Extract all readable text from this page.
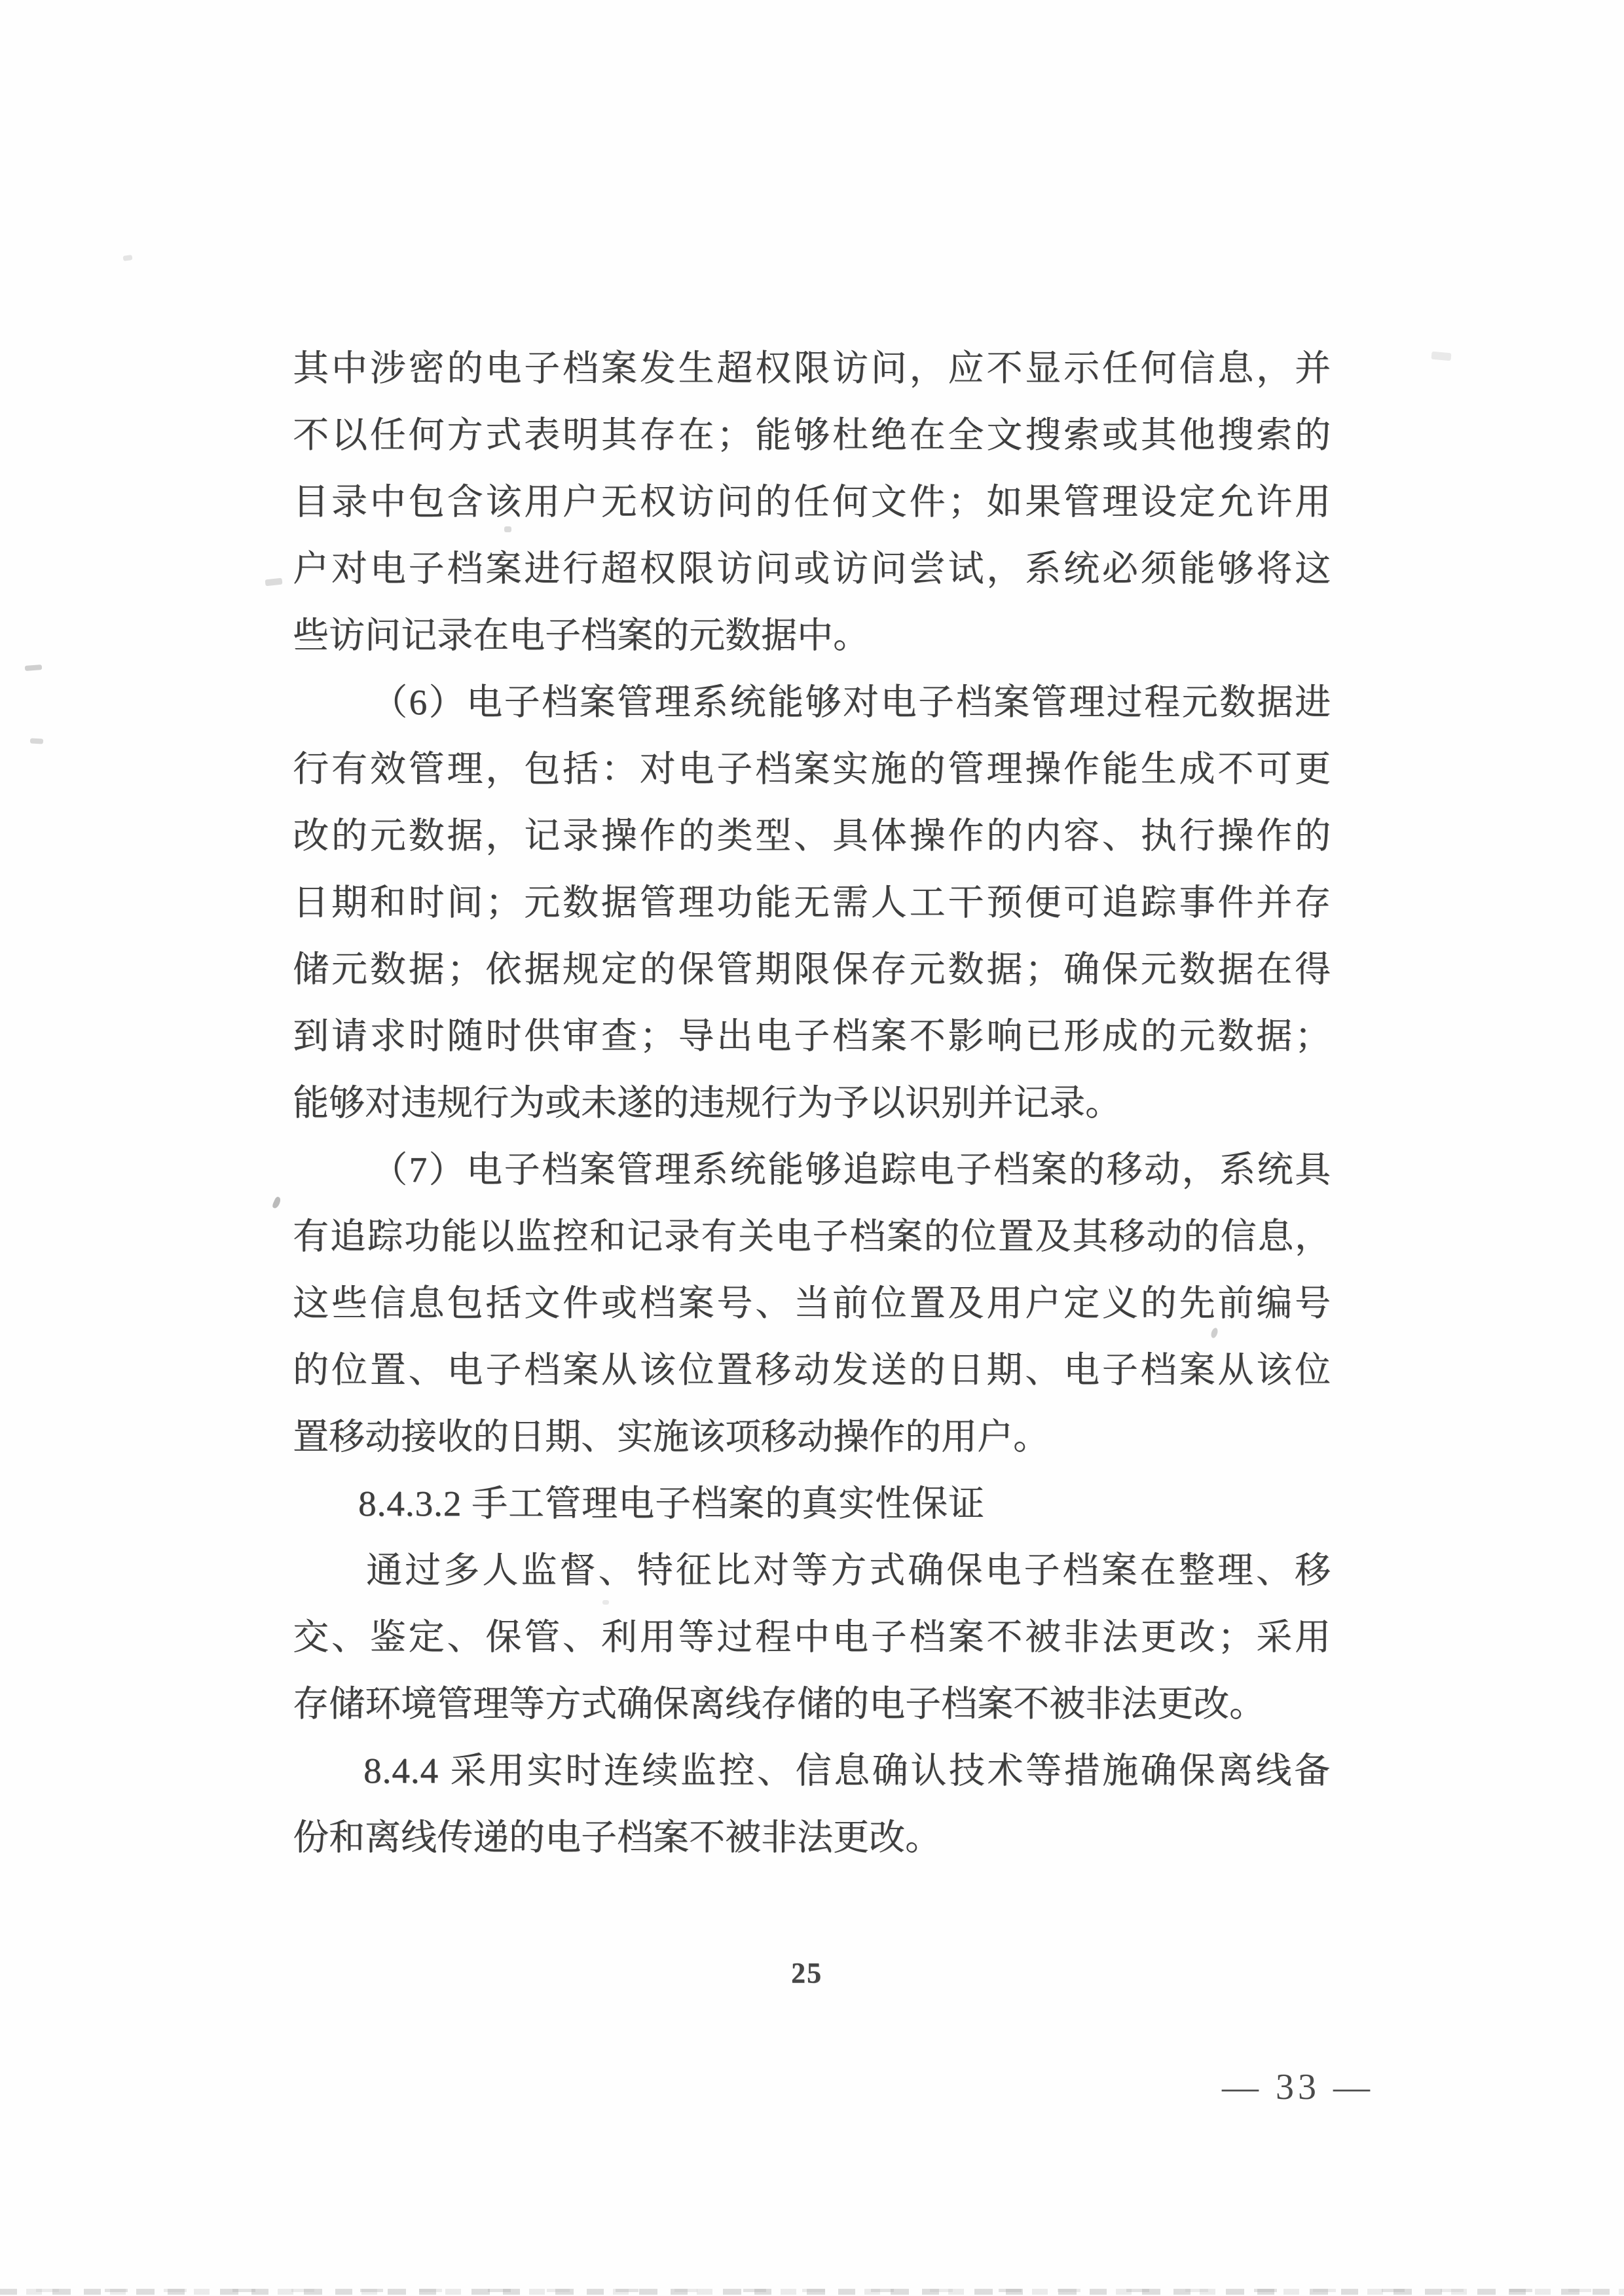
其中涉密的电子档案发生超权限访问，应不显示任何信息，并
不以任何方式表明其存在；能够杜绝在全文搜索或其他搜索的
目录中包含该用户无权访问的任何文件；如果管理设定允许用
户对电子档案进行超权限访问或访问尝试，系统必须能够将这
些访问记录在电子档案的元数据中。
（6）电子档案管理系统能够对电子档案管理过程元数据进
行有效管理，包括：对电子档案实施的管理操作能生成不可更
改的元数据，记录操作的类型、具体操作的内容、执行操作的
日期和时间；元数据管理功能无需人工干预便可追踪事件并存
储元数据；依据规定的保管期限保存元数据；确保元数据在得
到请求时随时供审查；导出电子档案不影响已形成的元数据；
能够对违规行为或未遂的违规行为予以识别并记录。
（7）电子档案管理系统能够追踪电子档案的移动，系统具
有追踪功能以监控和记录有关电子档案的位置及其移动的信息，
这些信息包括文件或档案号、当前位置及用户定义的先前编号
的位置、电子档案从该位置移动发送的日期、电子档案从该位
置移动接收的日期、实施该项移动操作的用户。
8.4.3.2 手工管理电子档案的真实性保证
通过多人监督、特征比对等方式确保电子档案在整理、移
交、鉴定、保管、利用等过程中电子档案不被非法更改；采用
存储环境管理等方式确保离线存储的电子档案不被非法更改。
8.4.4 采用实时连续监控、信息确认技术等措施确保离线备
份和离线传递的电子档案不被非法更改。
25
— 33 —
